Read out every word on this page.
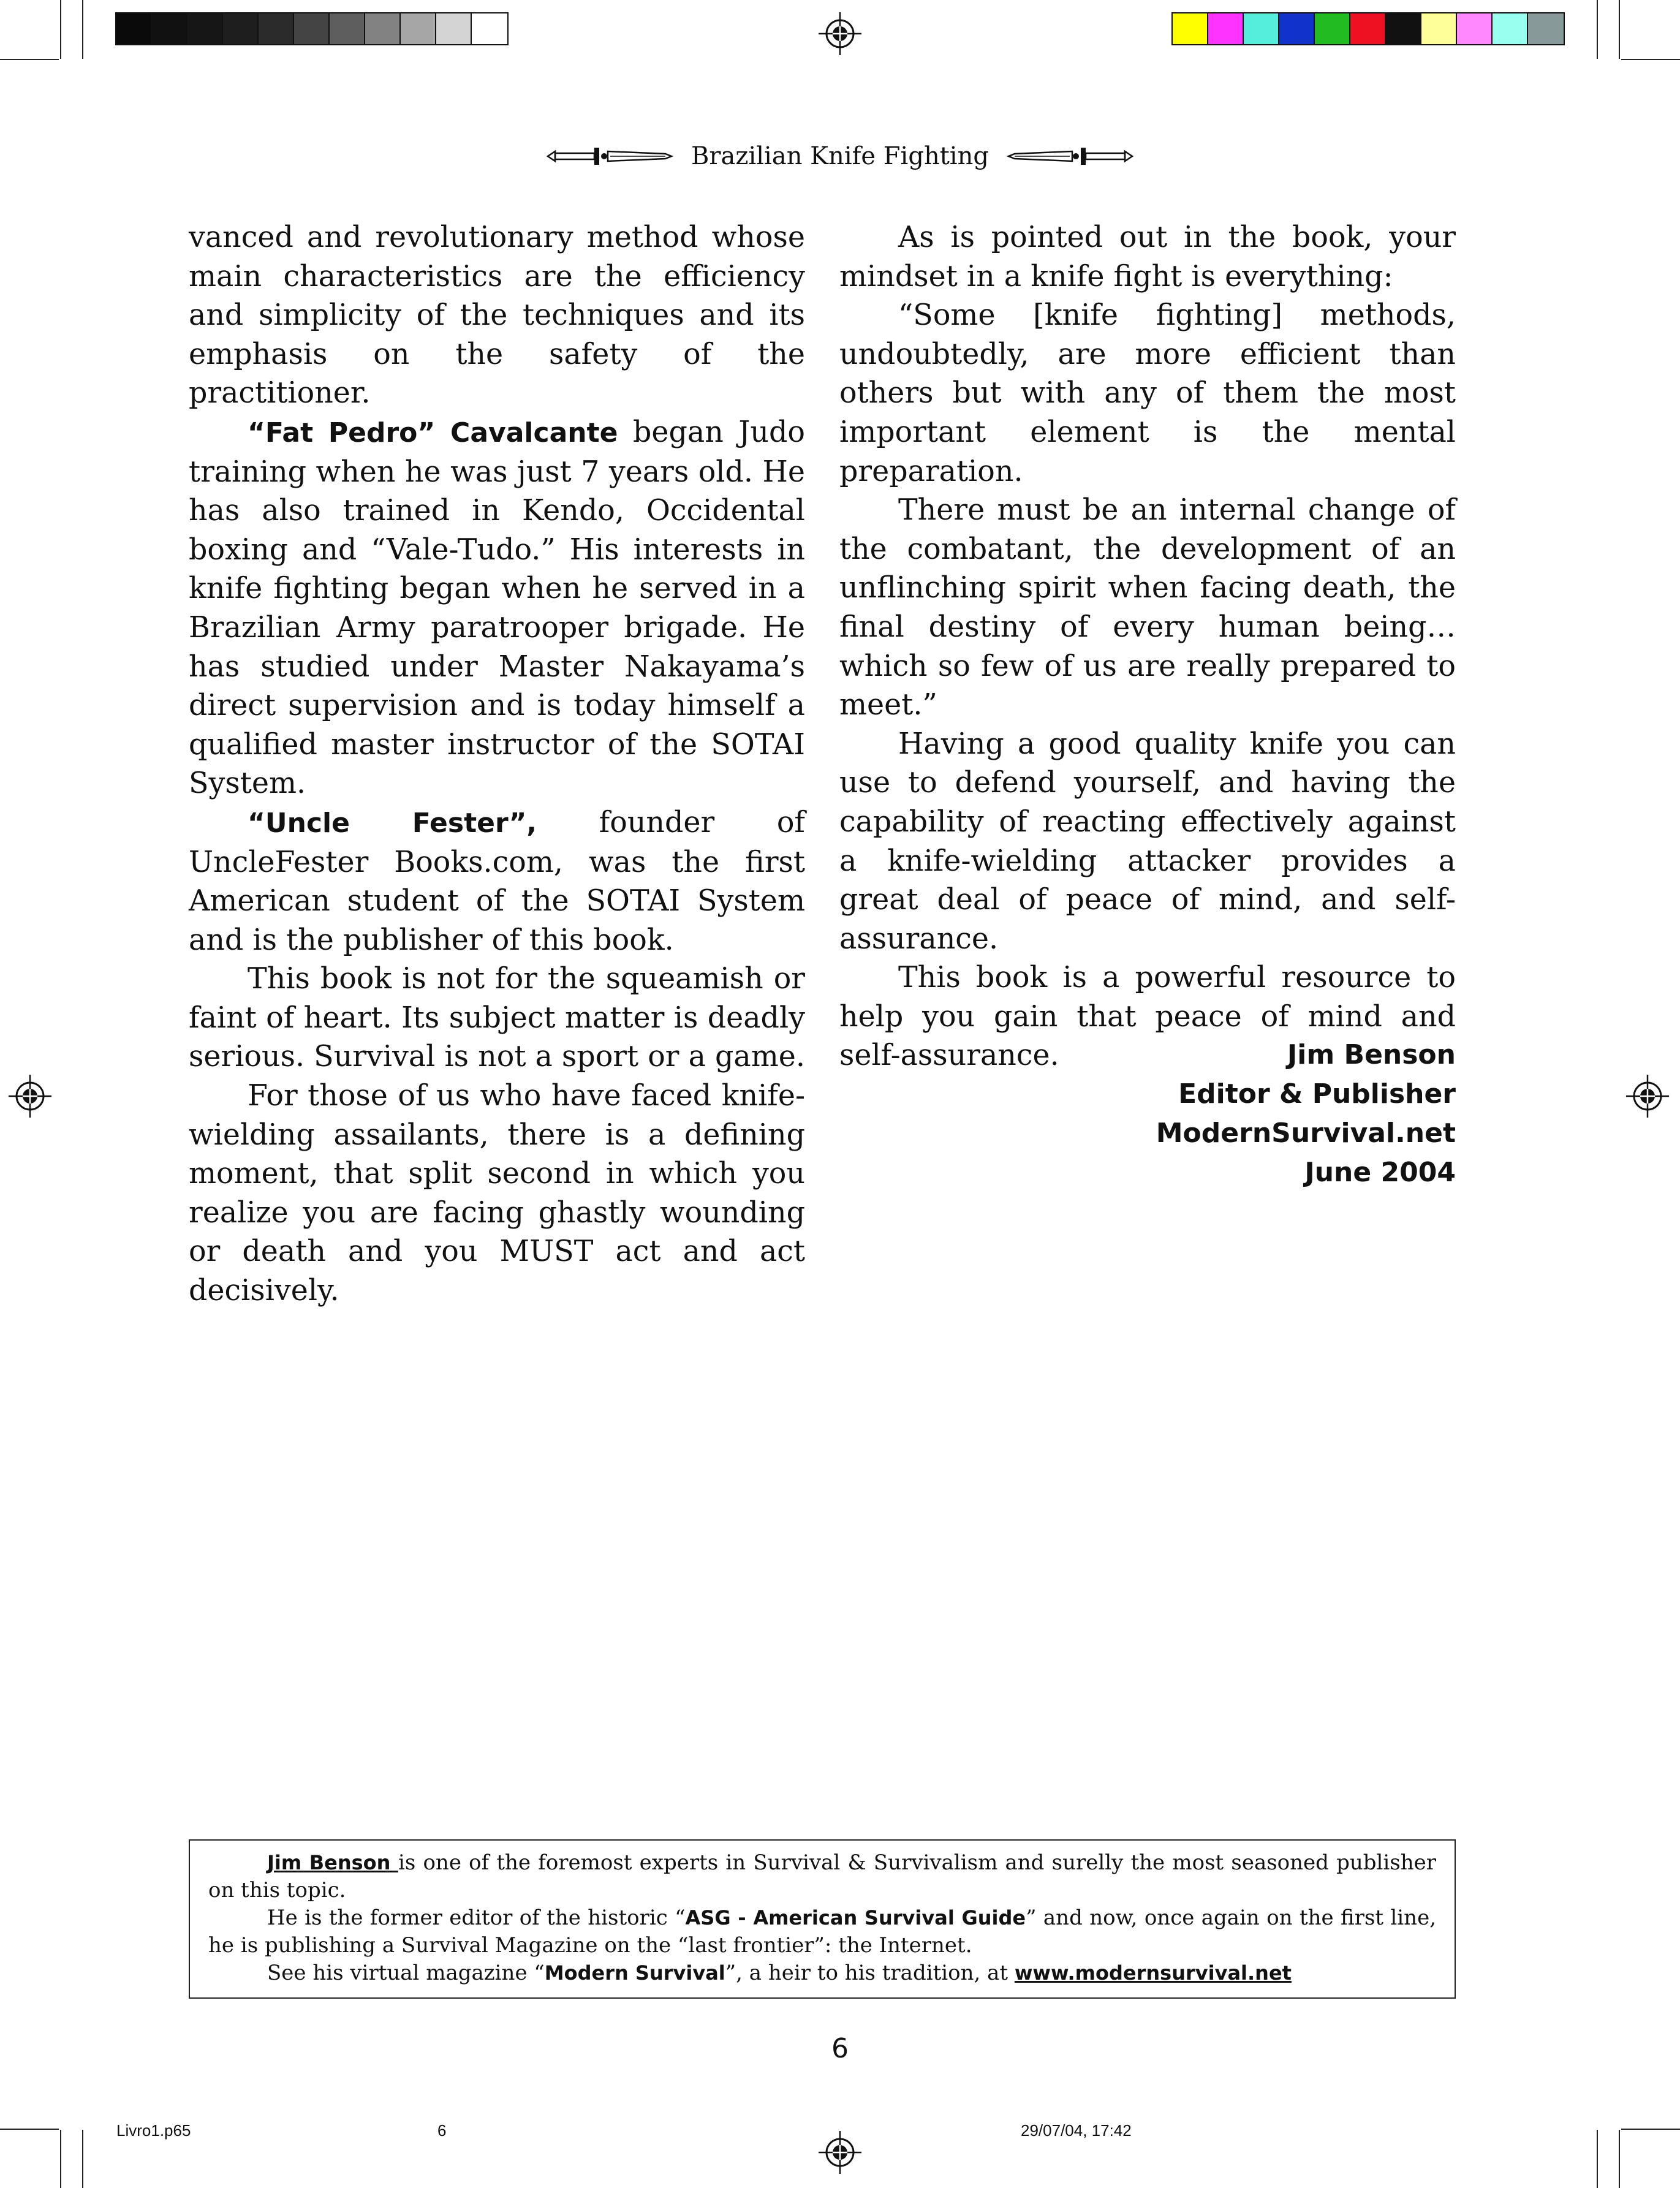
Brazilian Knife Fighting

vanced and revolutionary method whose main characteristics are the efficiency and simplicity of the techniques and its emphasis on the safety of the practitioner.

“Fat Pedro” Cavalcante began Judo training when he was just 7 years old. He has also trained in Kendo, Occidental boxing and “Vale-Tudo.” His interests in knife fighting began when he served in a Brazilian Army paratrooper brigade. He has studied under Master Nakayama’s direct supervision and is today himself a qualified master instructor of the SOTAI System.

“Uncle Fester”, founder of UncleFester Books.com, was the first American student of the SOTAI System and is the publisher of this book.

This book is not for the squeamish or faint of heart. Its subject matter is deadly serious. Survival is not a sport or a game.

For those of us who have faced knife-wielding assailants, there is a defining moment, that split second in which you realize you are facing ghastly wounding or death and you MUST act and act decisively.

As is pointed out in the book, your mindset in a knife fight is everything:

“Some [knife fighting] methods, undoubtedly, are more efficient than others but with any of them the most important element is the mental preparation.

There must be an internal change of the combatant, the development of an unflinching spirit when facing death, the final destiny of every human being…which so few of us are really prepared to meet.”

Having a good quality knife you can use to defend yourself, and having the capability of reacting effectively against a knife-wielding attacker provides a great deal of peace of mind, and self-assurance.

This book is a powerful resource to help you gain that peace of mind and self-assurance.	Jim Benson
Editor & Publisher
ModernSurvival.net
June 2004

Jim Benson is one of the foremost experts in Survival & Survivalism and surelly the most seasoned publisher on this topic.

He is the former editor of the historic “ASG - American Survival Guide” and now, once again on the first line, he is publishing a Survival Magazine on the “last frontier”: the Internet.

See his virtual magazine “Modern Survival”, a heir to his tradition, at www.modernsurvival.net

6
Livro1.p65	6	29/07/04, 17:42
